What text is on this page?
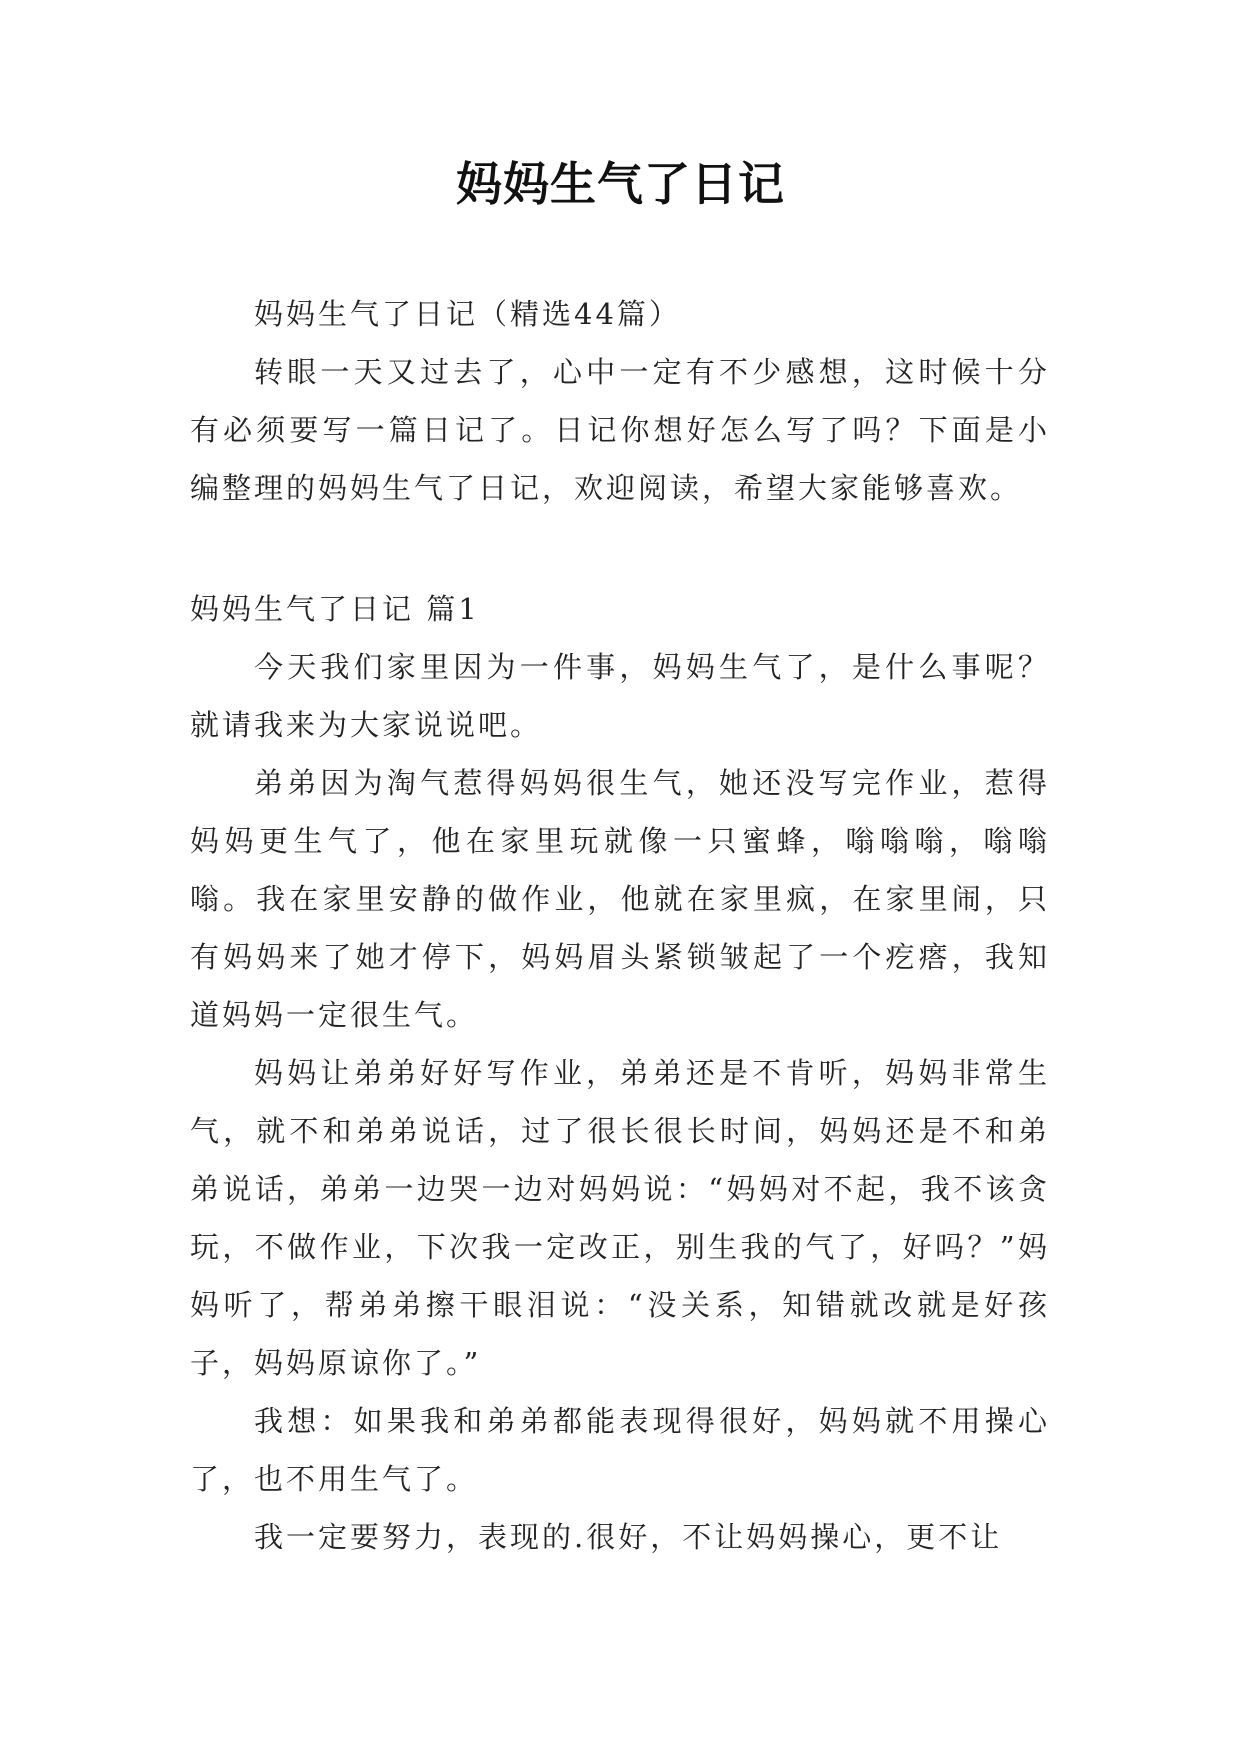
妈妈生气了日记

妈妈生气了日记（精选44篇）

转眼一天又过去了，心中一定有不少感想，这时候十分有必须要写一篇日记了。日记你想好怎么写了吗？下面是小编整理的妈妈生气了日记，欢迎阅读，希望大家能够喜欢。

妈妈生气了日记 篇1

今天我们家里因为一件事，妈妈生气了，是什么事呢？就请我来为大家说说吧。

弟弟因为淘气惹得妈妈很生气，她还没写完作业，惹得妈妈更生气了，他在家里玩就像一只蜜蜂，嗡嗡嗡，嗡嗡嗡。我在家里安静的做作业，他就在家里疯，在家里闹，只有妈妈来了她才停下，妈妈眉头紧锁皱起了一个疙瘩，我知道妈妈一定很生气。

妈妈让弟弟好好写作业，弟弟还是不肯听，妈妈非常生气，就不和弟弟说话，过了很长很长时间，妈妈还是不和弟弟说话，弟弟一边哭一边对妈妈说：“妈妈对不起，我不该贪玩，不做作业，下次我一定改正，别生我的气了，好吗？”妈妈听了，帮弟弟擦干眼泪说：“没关系，知错就改就是好孩子，妈妈原谅你了。”

我想：如果我和弟弟都能表现得很好，妈妈就不用操心了，也不用生气了。

我一定要努力，表现的.很好，不让妈妈操心，更不让
